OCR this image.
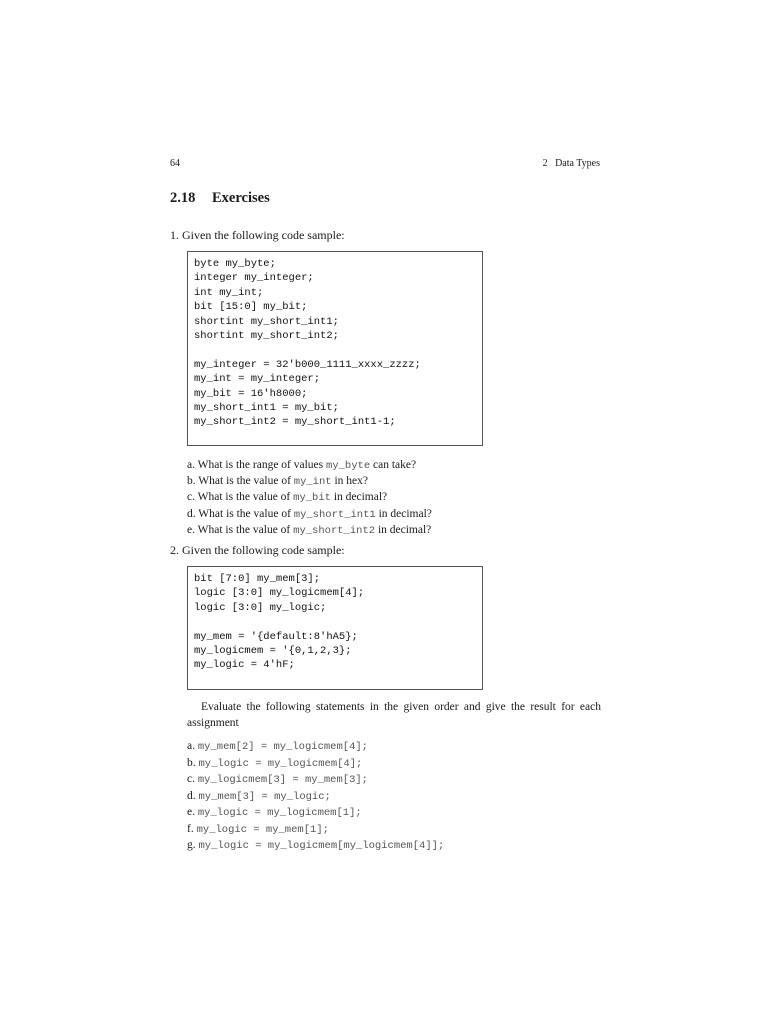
64	2   Data Types
2.18 Exercises
1. Given the following code sample:
byte my_byte;
integer my_integer;
int my_int;
bit [15:0] my_bit;
shortint my_short_int1;
shortint my_short_int2;
my_integer = 32'b000_1111_xxxx_zzzz;
my_int = my_integer;
my_bit = 16'h8000;
my_short_int1 = my_bit;
my_short_int2 = my_short_int1-1;
a. What is the range of values my_byte can take?
b. What is the value of my_int in hex?
c. What is the value of my_bit in decimal?
d. What is the value of my_short_int1 in decimal?
e. What is the value of my_short_int2 in decimal?
2. Given the following code sample:
bit [7:0] my_mem[3];
logic [3:0] my_logicmem[4];
logic [3:0] my_logic;
my_mem = '{default:8'hA5};
my_logicmem = '{0,1,2,3};
my_logic = 4'hF;
Evaluate the following statements in the given order and give the result for each assignment
a. my_mem[2] = my_logicmem[4];
b. my_logic = my_logicmem[4];
c. my_logicmem[3] = my_mem[3];
d. my_mem[3] = my_logic;
e. my_logic = my_logicmem[1];
f. my_logic = my_mem[1];
g. my_logic = my_logicmem[my_logicmem[4]];
